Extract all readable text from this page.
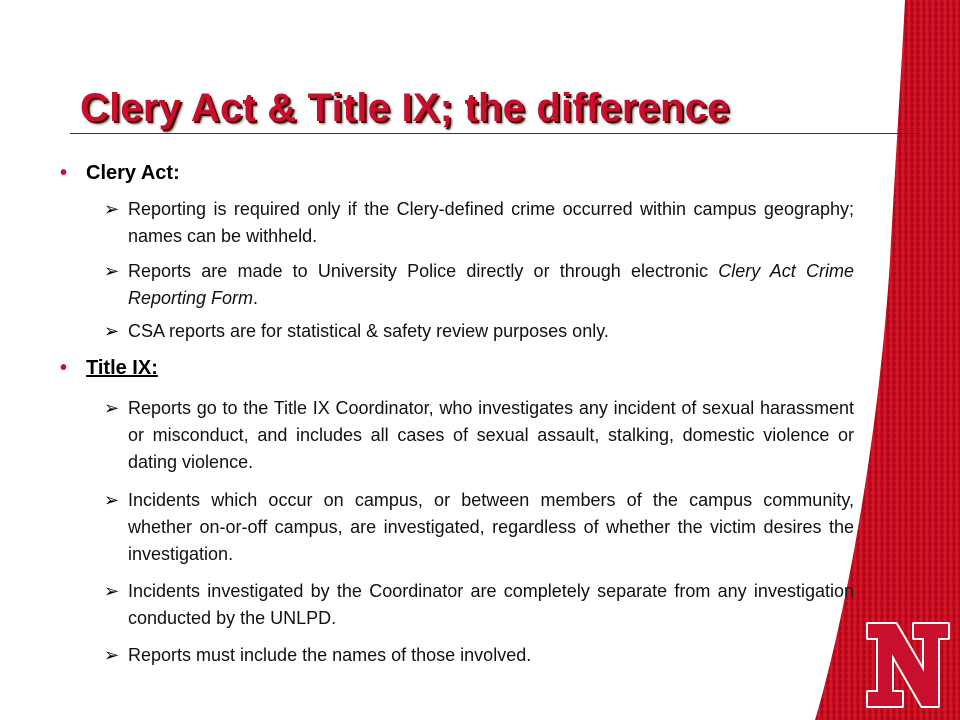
Clery Act & Title IX; the difference
• Clery Act:
➢ Reporting is required only if the Clery-defined crime occurred within campus geography; names can be withheld.
➢ Reports are made to University Police directly or through electronic Clery Act Crime Reporting Form.
➢ CSA reports are for statistical & safety review purposes only.
• Title IX:
➢ Reports go to the Title IX Coordinator, who investigates any incident of sexual harassment or misconduct, and includes all cases of sexual assault, stalking, domestic violence or dating violence.
➢ Incidents which occur on campus, or between members of the campus community, whether on-or-off campus, are investigated, regardless of whether the victim desires the investigation.
➢ Incidents investigated by the Coordinator are completely separate from any investigation conducted by the UNLPD.
➢ Reports must include the names of those involved.
